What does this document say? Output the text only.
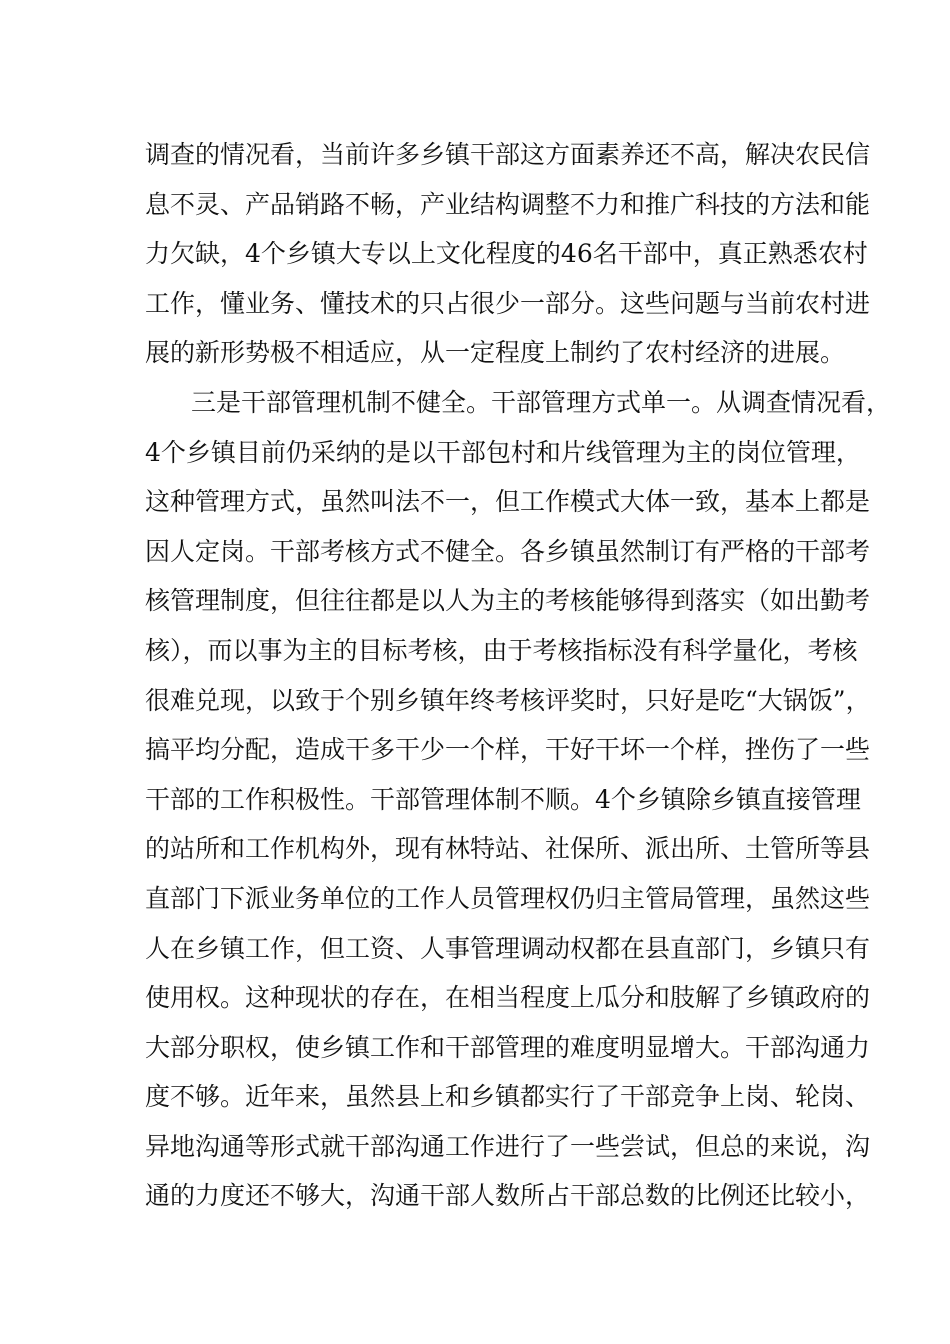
调查的情况看，当前许多乡镇干部这方面素养还不高，解决农民信
息不灵、产品销路不畅，产业结构调整不力和推广科技的方法和能
力欠缺，4个乡镇大专以上文化程度的46名干部中，真正熟悉农村
工作，懂业务、懂技术的只占很少一部分。这些问题与当前农村进
展的新形势极不相适应，从一定程度上制约了农村经济的进展。
三是干部管理机制不健全。干部管理方式单一。从调查情况看，
4个乡镇目前仍采纳的是以干部包村和片线管理为主的岗位管理，
这种管理方式，虽然叫法不一，但工作模式大体一致，基本上都是
因人定岗。干部考核方式不健全。各乡镇虽然制订有严格的干部考
核管理制度，但往往都是以人为主的考核能够得到落实（如出勤考
核），而以事为主的目标考核，由于考核指标没有科学量化，考核
很难兑现，以致于个别乡镇年终考核评奖时，只好是吃“大锅饭”，
搞平均分配，造成干多干少一个样，干好干坏一个样，挫伤了一些
干部的工作积极性。干部管理体制不顺。4个乡镇除乡镇直接管理
的站所和工作机构外，现有林特站、社保所、派出所、土管所等县
直部门下派业务单位的工作人员管理权仍归主管局管理，虽然这些
人在乡镇工作，但工资、人事管理调动权都在县直部门，乡镇只有
使用权。这种现状的存在，在相当程度上瓜分和肢解了乡镇政府的
大部分职权，使乡镇工作和干部管理的难度明显增大。干部沟通力
度不够。近年来，虽然县上和乡镇都实行了干部竞争上岗、轮岗、
异地沟通等形式就干部沟通工作进行了一些尝试，但总的来说，沟
通的力度还不够大，沟通干部人数所占干部总数的比例还比较小，
